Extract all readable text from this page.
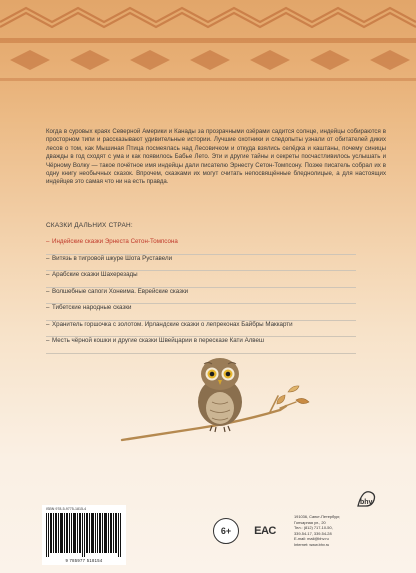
Когда в суровых краях Северной Америки и Канады за прозрачными озёрами садится солнце, индейцы собираются в просторном типи и рассказывают удивительные истории. Лучшие охотники и следопыты узнали от обитателей диких лесов о том, как Мышиная Птица посмеялась над Лесовичком и откуда взялись селёдка и каштаны, почему синицы дважды в год сходят с ума и как появилось Бабье Лето. Эти и другие тайны и секреты посчастливилось услышать и Чёрному Волку — такое почётное имя индейцы дали писателю Эрнесту Сетон-Томпсону. Позже писатель собрал их в одну книгу необычных сказок. Впрочем, сказками их могут считать непосвящённые бледнолицые, а для настоящих индейцев это самая что ни на есть правда.
СКАЗКИ ДАЛЬНИХ СТРАН:
– Индейские сказки Эрнеста Сетон-Томпсона
– Витязь в тигровой шкуре Шота Руставели
– Арабские сказки Шахерезады
– Волшебные сапоги Хонеима. Еврейские сказки
– Тибетские народные сказки
– Хранитель горшочка с золотом. Ирландские сказки о лепреконах Байбры Маккарти
– Месть чёрной кошки и другие сказки Швейцарии в пересказе Кати Алвеш
ISBN 978-5-9775-1815-4
9 785977 518154
6+	EAC
bhv
191036, Санкт-Петербург,
Гончарная ул., 20
Тел.: (812) 717-10-50,
339-54-17, 339-54-28
E-mail: mail@bhv.ru
Internet: www.bhv.ru
